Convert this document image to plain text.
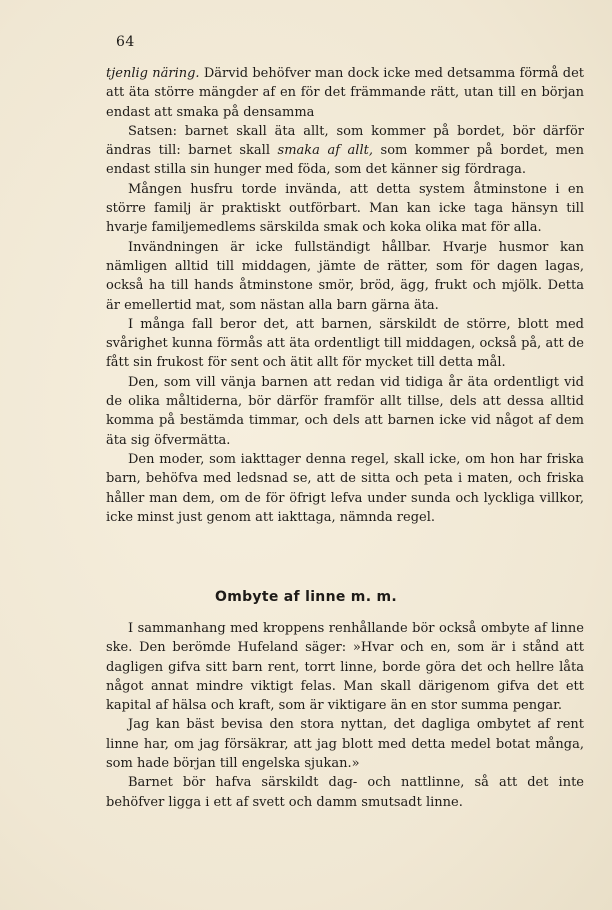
64

tjenlig näring. Därvid behöfver man dock icke med detsamma förmå det att äta större mängder af en för det främmande rätt, utan till en början endast att smaka på densamma

Satsen: barnet skall äta allt, som kommer på bordet, bör därför ändras till: barnet skall smaka af allt, som kommer på bordet, men endast stilla sin hunger med föda, som det känner sig fördraga.

Mången husfru torde invända, att detta system åtminstone i en större familj är praktiskt outförbart. Man kan icke taga hänsyn till hvarje familjemedlems särskilda smak och koka olika mat för alla.

Invändningen är icke fullständigt hållbar. Hvarje husmor kan nämligen alltid till middagen, jämte de rätter, som för dagen lagas, också ha till hands åtminstone smör, bröd, ägg, frukt och mjölk. Detta är emellertid mat, som nästan alla barn gärna äta.

I många fall beror det, att barnen, särskildt de större, blott med svårighet kunna förmås att äta ordentligt till middagen, också på, att de fått sin frukost för sent och ätit allt för mycket till detta mål.

Den, som vill vänja barnen att redan vid tidiga år äta ordentligt vid de olika måltiderna, bör därför framför allt tillse, dels att dessa alltid komma på bestämda timmar, och dels att barnen icke vid något af dem äta sig öfvermätta.

Den moder, som iakttager denna regel, skall icke, om hon har friska barn, behöfva med ledsnad se, att de sitta och peta i maten, och friska håller man dem, om de för öfrigt lefva under sunda och lyckliga villkor, icke minst just genom att iakttaga, nämnda regel.

Ombyte af linne m. m.

I sammanhang med kroppens renhållande bör också ombyte af linne ske. Den berömde Hufeland säger: »Hvar och en, som är i stånd att dagligen gifva sitt barn rent, torrt linne, borde göra det och hellre låta något annat mindre viktigt felas. Man skall därigenom gifva det ett kapital af hälsa och kraft, som är viktigare än en stor summa pengar.

Jag kan bäst bevisa den stora nyttan, det dagliga ombytet af rent linne har, om jag försäkrar, att jag blott med detta medel botat många, som hade början till engelska sjukan.»

Barnet bör hafva särskildt dag- och nattlinne, så att det inte behöfver ligga i ett af svett och damm smutsadt linne.
